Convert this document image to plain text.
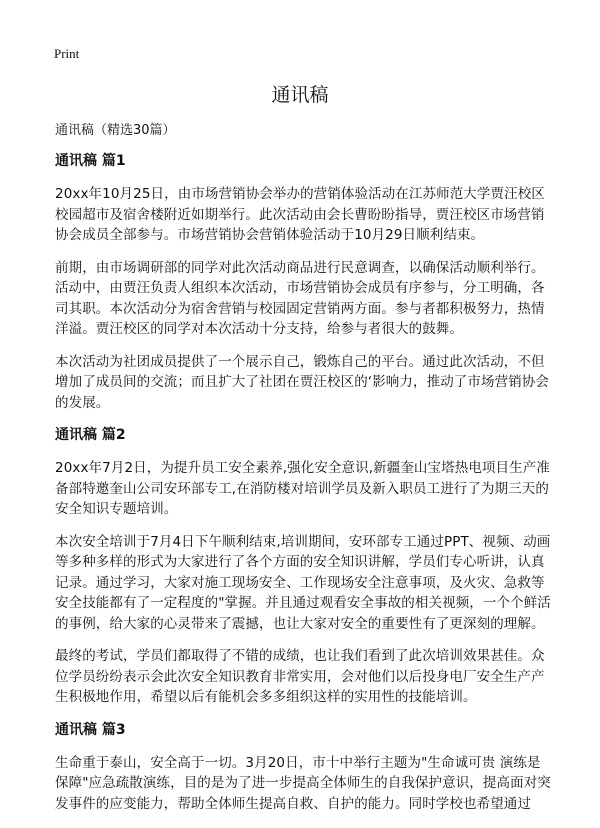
Print
通讯稿

通讯稿（精选30篇）

通讯稿 篇1

20xx年10月25日，由市场营销协会举办的营销体验活动在江苏师范大学贾汪校区校园超市及宿舍楼附近如期举行。此次活动由会长曹盼盼指导，贾汪校区市场营销协会成员全部参与。市场营销协会营销体验活动于10月29日顺利结束。

前期，由市场调研部的同学对此次活动商品进行民意调查，以确保活动顺利举行。活动中，由贾汪负责人组织本次活动，市场营销协会成员有序参与，分工明确，各司其职。本次活动分为宿舍营销与校园固定营销两方面。参与者都积极努力，热情洋溢。贾汪校区的同学对本次活动十分支持，给参与者很大的鼓舞。

本次活动为社团成员提供了一个展示自己，锻炼自己的平台。通过此次活动，不但增加了成员间的交流；而且扩大了社团在贾汪校区的‘影响力，推动了市场营销协会的发展。

通讯稿 篇2

20xx年7月2日，为提升员工安全素养,强化安全意识,新疆奎山宝塔热电项目生产准备部特邀奎山公司安环部专工,在消防楼对培训学员及新入职员工进行了为期三天的安全知识专题培训。

本次安全培训于7月4日下午顺利结束,培训期间，安环部专工通过PPT、视频、动画等多种多样的形式为大家进行了各个方面的安全知识讲解，学员们专心听讲，认真记录。通过学习，大家对施工现场安全、工作现场安全注意事项，及火灾、急救等安全技能都有了一定程度的"掌握。并且通过观看安全事故的相关视频，一个个鲜活的事例，给大家的心灵带来了震撼，也让大家对安全的重要性有了更深刻的理解。

最终的考试，学员们都取得了不错的成绩，也让我们看到了此次培训效果甚佳。众位学员纷纷表示会此次安全知识教育非常实用，会对他们以后投身电厂安全生产产生积极地作用，希望以后有能机会多多组织这样的实用性的技能培训。

通讯稿 篇3

生命重于泰山，安全高于一切。3月20日，市十中举行主题为"生命诚可贵 演练是保障"应急疏散演练，目的是为了进一步提高全体师生的自我保护意识，提高面对突发事件的应变能力，帮助全体师生提高自救、自护的能力。同时学校也希望通过
